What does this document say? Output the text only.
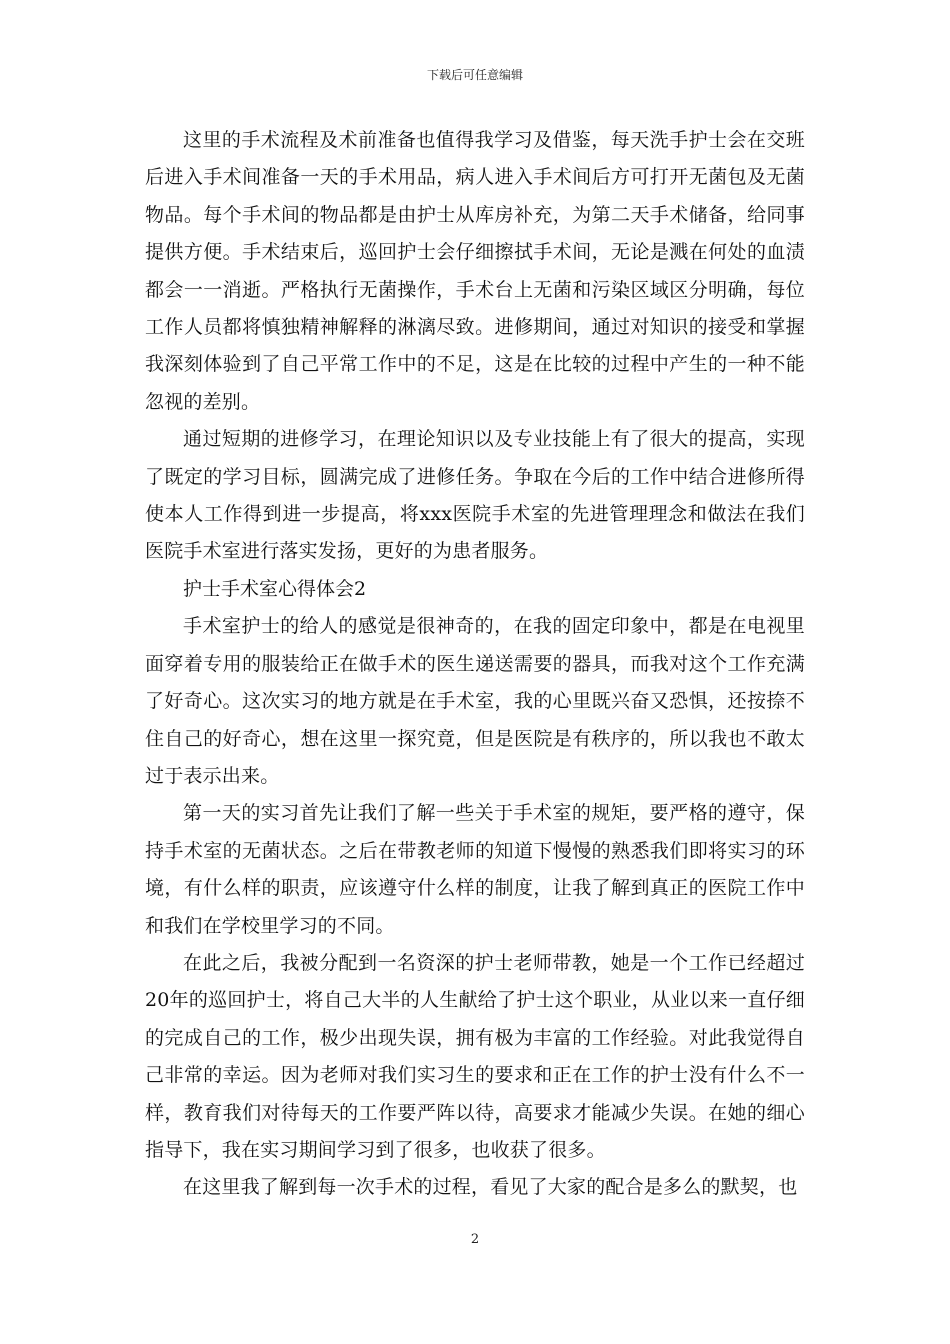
下载后可任意编辑

这里的手术流程及术前准备也值得我学习及借鉴，每天洗手护士会在交班后进入手术间准备一天的手术用品，病人进入手术间后方可打开无菌包及无菌物品。每个手术间的物品都是由护士从库房补充，为第二天手术储备，给同事提供方便。手术结束后，巡回护士会仔细擦拭手术间，无论是溅在何处的血渍都会一一消逝。严格执行无菌操作，手术台上无菌和污染区域区分明确，每位工作人员都将慎独精神解释的淋漓尽致。进修期间，通过对知识的接受和掌握我深刻体验到了自己平常工作中的不足，这是在比较的过程中产生的一种不能忽视的差别。

通过短期的进修学习，在理论知识以及专业技能上有了很大的提高，实现了既定的学习目标，圆满完成了进修任务。争取在今后的工作中结合进修所得使本人工作得到进一步提高，将xxx医院手术室的先进管理理念和做法在我们医院手术室进行落实发扬，更好的为患者服务。

护士手术室心得体会2

手术室护士的给人的感觉是很神奇的，在我的固定印象中，都是在电视里面穿着专用的服装给正在做手术的医生递送需要的器具，而我对这个工作充满了好奇心。这次实习的地方就是在手术室，我的心里既兴奋又恐惧，还按捺不住自己的好奇心，想在这里一探究竟，但是医院是有秩序的，所以我也不敢太过于表示出来。

第一天的实习首先让我们了解一些关于手术室的规矩，要严格的遵守，保持手术室的无菌状态。之后在带教老师的知道下慢慢的熟悉我们即将实习的环境，有什么样的职责，应该遵守什么样的制度，让我了解到真正的医院工作中和我们在学校里学习的不同。

在此之后，我被分配到一名资深的护士老师带教，她是一个工作已经超过20年的巡回护士，将自己大半的人生献给了护士这个职业，从业以来一直仔细的完成自己的工作，极少出现失误，拥有极为丰富的工作经验。对此我觉得自己非常的幸运。因为老师对我们实习生的要求和正在工作的护士没有什么不一样，教育我们对待每天的工作要严阵以待，高要求才能减少失误。在她的细心指导下，我在实习期间学习到了很多，也收获了很多。

在这里我了解到每一次手术的过程，看见了大家的配合是多么的默契，也

2
